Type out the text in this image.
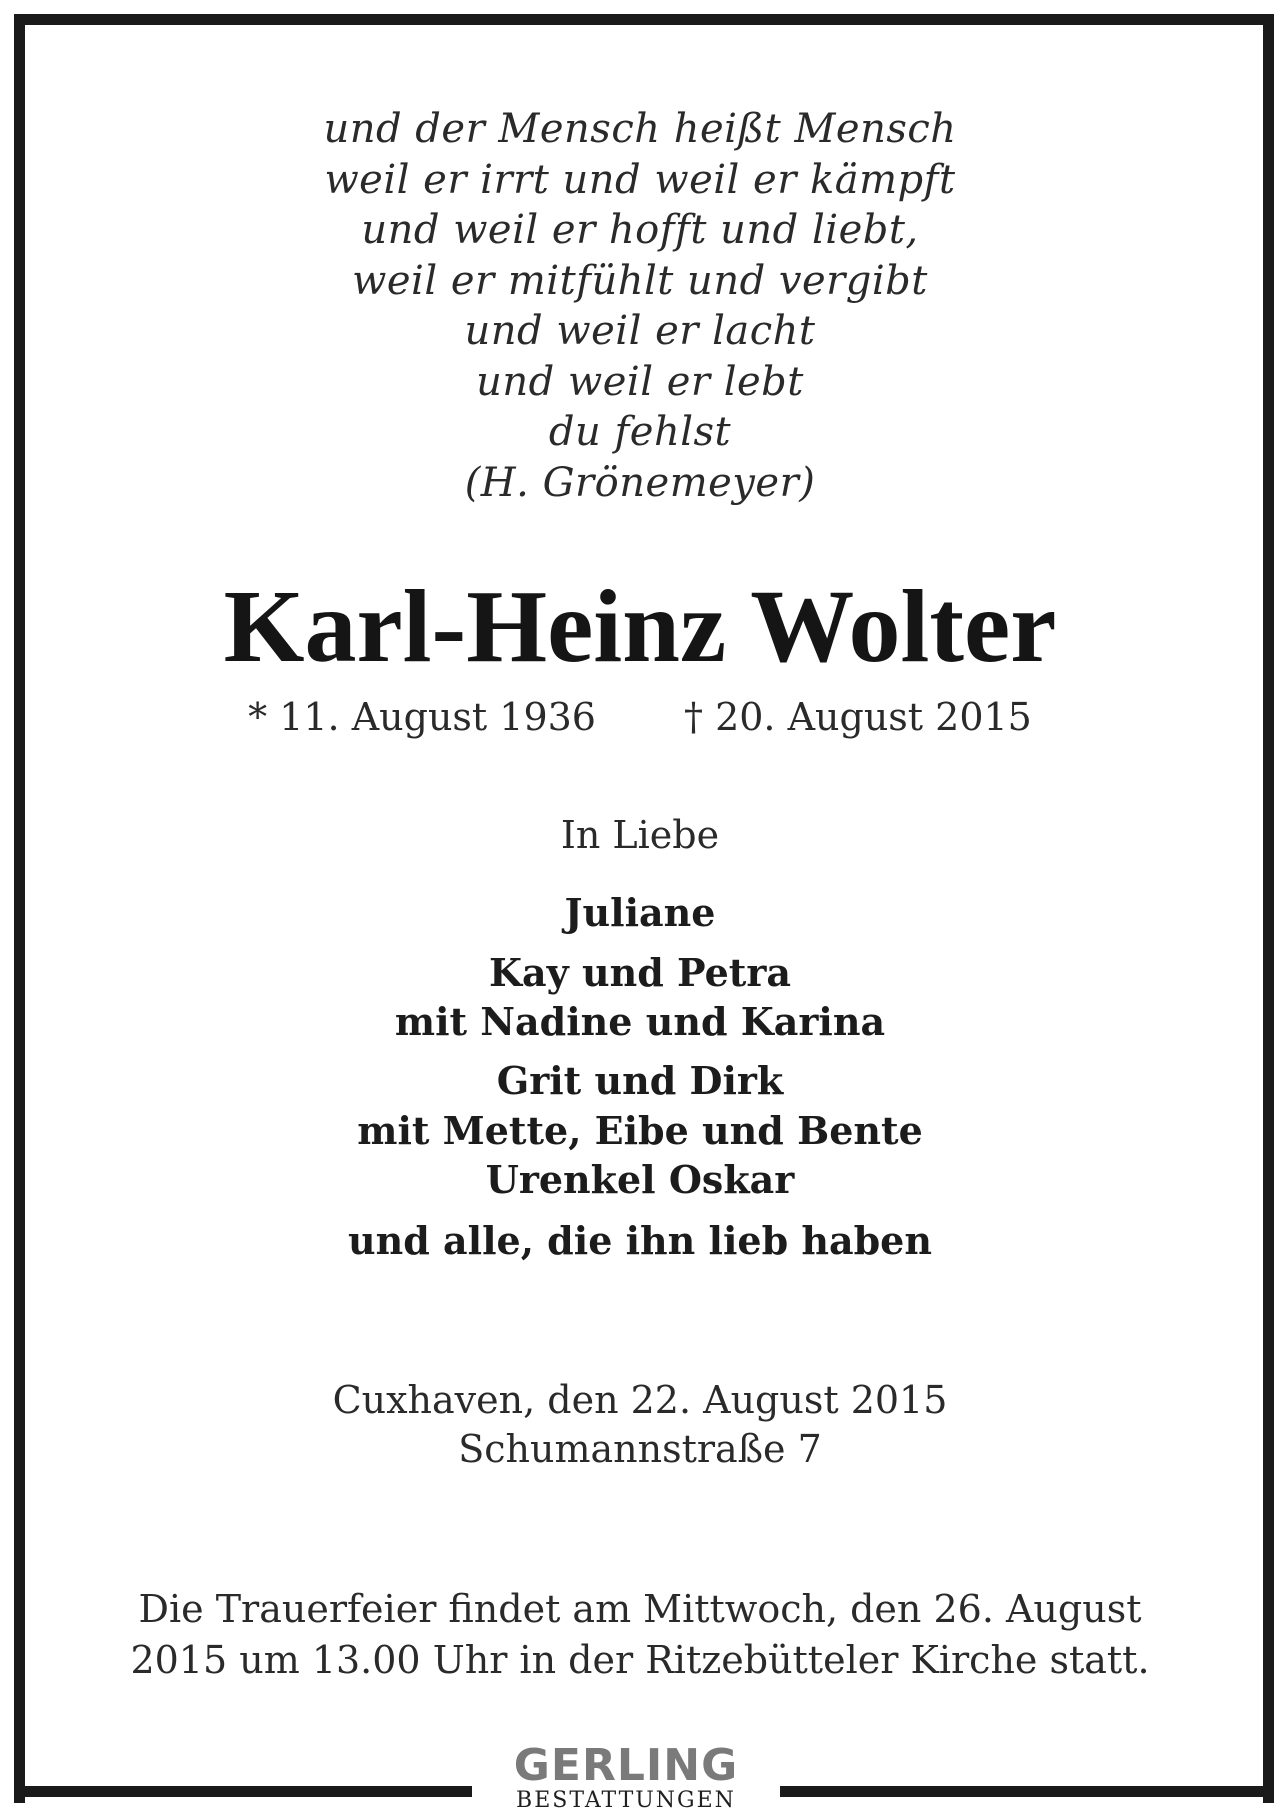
und der Mensch heißt Mensch
weil er irrt und weil er kämpft
und weil er hofft und liebt,
weil er mitfühlt und vergibt
und weil er lacht
und weil er lebt
du fehlst
(H. Grönemeyer)
Karl-Heinz Wolter
* 11. August 1936 † 20. August 2015
In Liebe
Juliane
Kay und Petra
mit Nadine und Karina
Grit und Dirk
mit Mette, Eibe und Bente
Urenkel Oskar
und alle, die ihn lieb haben
Cuxhaven, den 22. August 2015
Schumannstraße 7
Die Trauerfeier findet am Mittwoch, den 26. August
2015 um 13.00 Uhr in der Ritzebütteler Kirche statt.
GERLING
BESTATTUNGEN
